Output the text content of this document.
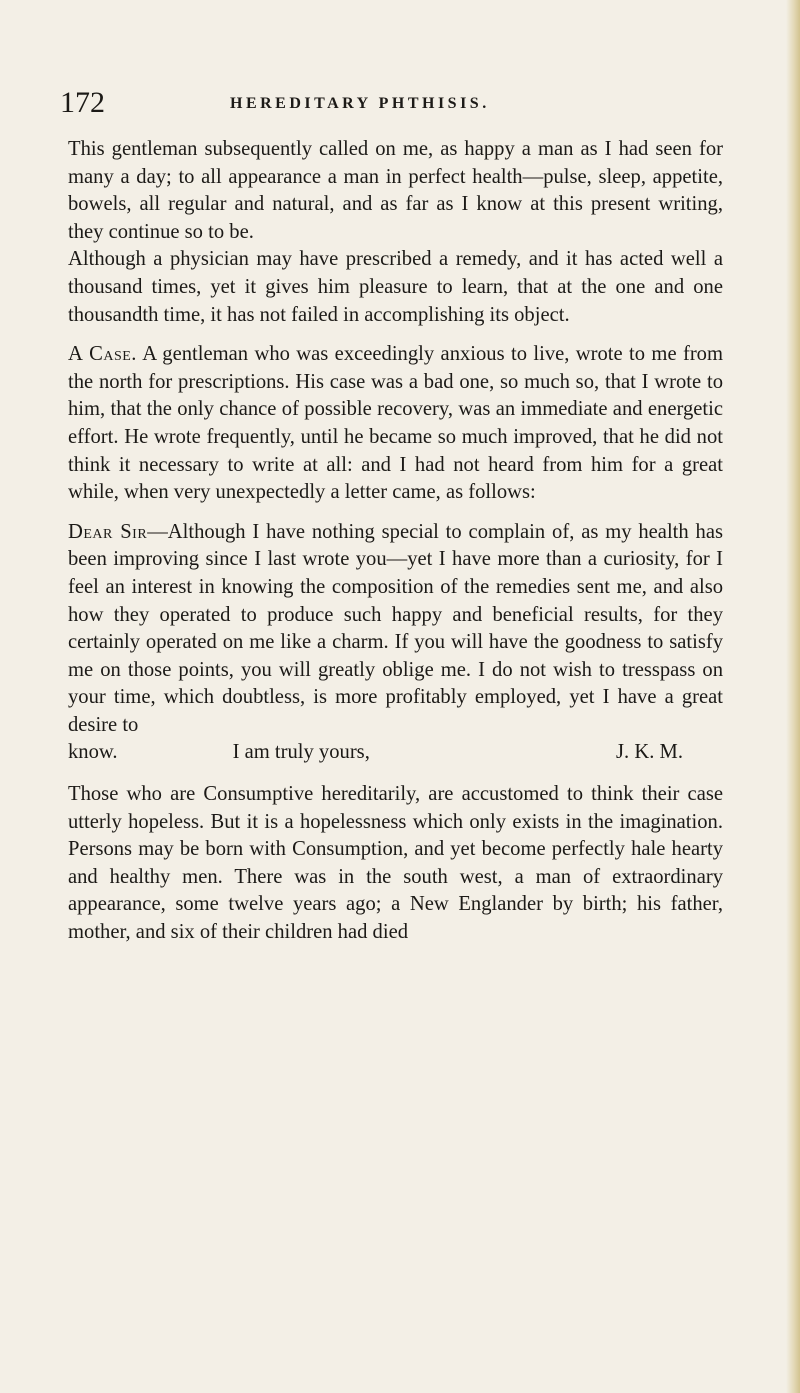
172	HEREDITARY PHTHISIS.

This gentleman subsequently called on me, as happy a man as I had seen for many a day; to all appearance a man in perfect health—pulse, sleep, appetite, bowels, all regular and natural, and as far as I know at this present writing, they continue so to be.

Although a physician may have prescribed a remedy, and it has acted well a thousand times, yet it gives him pleasure to learn, that at the one and one thousandth time, it has not failed in accomplishing its object.

A Case. A gentleman who was exceedingly anxious to live, wrote to me from the north for prescriptions. His case was a bad one, so much so, that I wrote to him, that the only chance of possible recovery, was an immediate and energetic effort. He wrote frequently, until he became so much improved, that he did not think it necessary to write at all: and I had not heard from him for a great while, when very unexpectedly a letter came, as follows:

Dear Sir—Although I have nothing special to complain of, as my health has been improving since I last wrote you—yet I have more than a curiosity, for I feel an interest in knowing the composition of the remedies sent me, and also how they operated to produce such happy and beneficial results, for they certainly operated on me like a charm. If you will have the goodness to satisfy me on those points, you will greatly oblige me. I do not wish to tresspass on your time, which doubtless, is more profitably employed, yet I have a great desire to

know.	I am truly yours,	J. K. M.

Those who are Consumptive hereditarily, are accustomed to think their case utterly hopeless. But it is a hopelessness which only exists in the imagination. Persons may be born with Consumption, and yet become perfectly hale hearty and healthy men. There was in the south west, a man of extraordinary appearance, some twelve years ago; a New Englander by birth; his father, mother, and six of their children had died
